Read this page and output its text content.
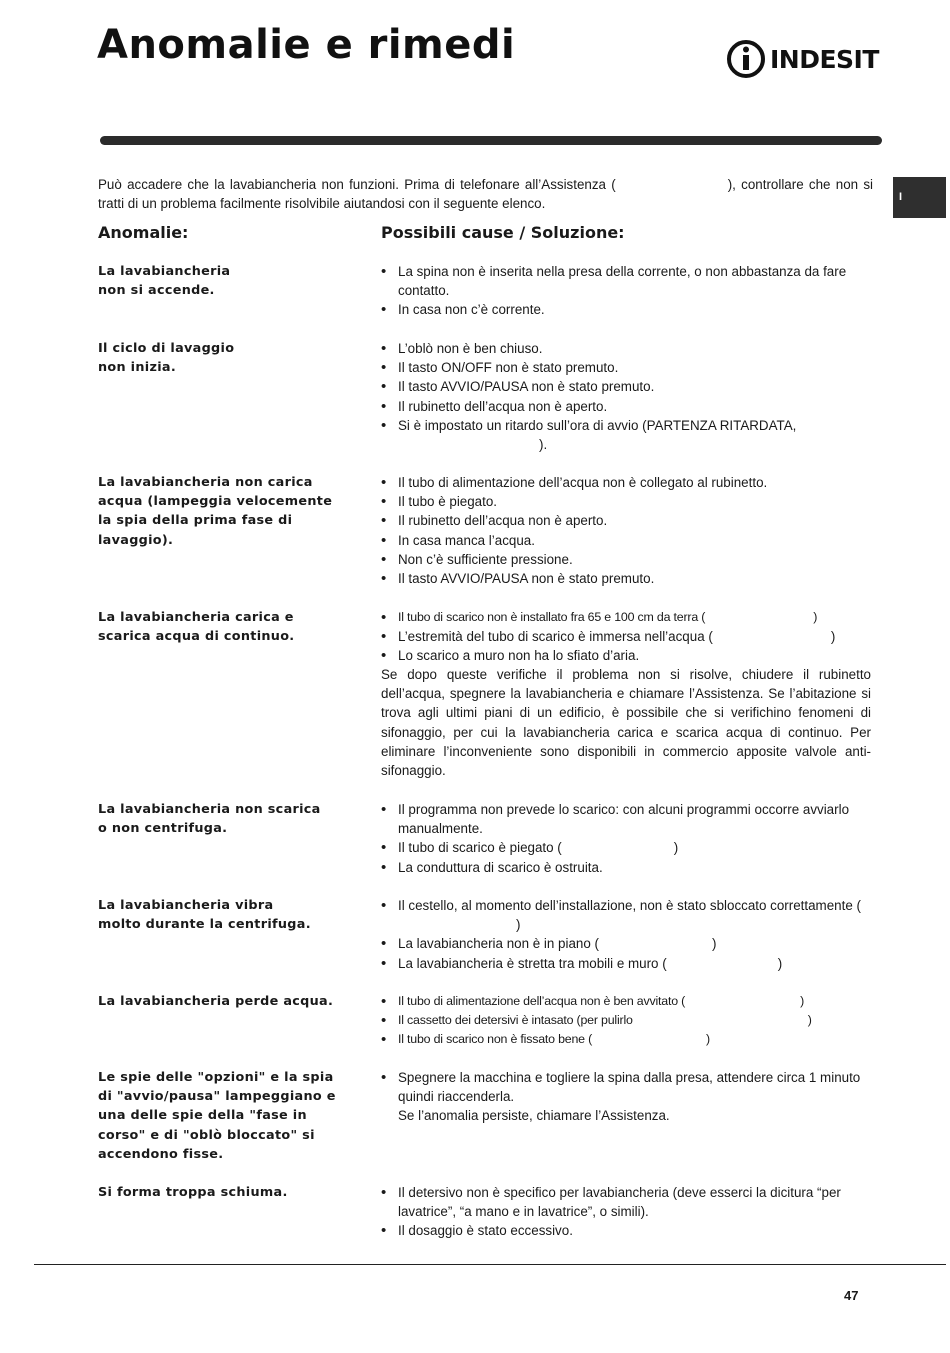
Anomalie e rimedi	INDESIT
I

Può accadere che la lavabiancheria non funzioni. Prima di telefonare all’Assistenza (	), controllare che non si tratti di un problema facilmente risolvibile aiutandosi con il seguente elenco.

Anomalie:	Possibili cause / Soluzione:

La lavabiancheria
non si accende.

• La spina non è inserita nella presa della corrente, o non abbastanza da fare contatto.
• In casa non c’è corrente.

Il ciclo di lavaggio
non inizia.

• L’oblò non è ben chiuso.
• Il tasto ON/OFF non è stato premuto.
• Il tasto AVVIO/PAUSA non è stato premuto.
• Il rubinetto dell’acqua non è aperto.
• Si è impostato un ritardo sull’ora di avvio (PARTENZA RITARDATA,
).

La lavabiancheria non carica
acqua (lampeggia velocemente
la spia della prima fase di
lavaggio).

• Il tubo di alimentazione dell’acqua non è collegato al rubinetto.
• Il tubo è piegato.
• Il rubinetto dell’acqua non è aperto.
• In casa manca l’acqua.
• Non c’è sufficiente pressione.
• Il tasto AVVIO/PAUSA non è stato premuto.

La lavabiancheria carica e
scarica acqua di continuo.

• Il tubo di scarico non è installato fra 65 e 100 cm da terra (	)
• L’estremità del tubo di scarico è immersa nell’acqua (	)
• Lo scarico a muro non ha lo sfiato d’aria.

Se dopo queste verifiche il problema non si risolve, chiudere il rubinetto dell’acqua, spegnere la lavabiancheria e chiamare l’Assistenza. Se l’abitazione si trova agli ultimi piani di un edificio, è possibile che si verifichino fenomeni di sifonaggio, per cui la lavabiancheria carica e scarica acqua di continuo. Per eliminare l’inconveniente sono disponibili in commercio apposite valvole anti-sifonaggio.

La lavabiancheria non scarica
o non centrifuga.

• Il programma non prevede lo scarico: con alcuni programmi occorre avviarlo manualmente.
• Il tubo di scarico è piegato (	)
• La conduttura di scarico è ostruita.

La lavabiancheria vibra
molto durante la centrifuga.

• Il cestello, al momento dell’installazione, non è stato sbloccato correttamente ()
• La lavabiancheria non è in piano (	)
• La lavabiancheria è stretta tra mobili e muro (	)

La lavabiancheria perde acqua.	• Il tubo di alimentazione dell’acqua non è ben avvitato (	)
• Il cassetto dei detersivi è intasato (per pulirlo	)
• Il tubo di scarico non è fissato bene (	)

Le spie delle "opzioni" e la spia
di "avvio/pausa" lampeggiano e
una delle spie della "fase in
corso" e di "oblò bloccato" si
accendono fisse.

• Spegnere la macchina e togliere la spina dalla presa, attendere circa 1 minuto quindi riaccenderla.
Se l’anomalia persiste, chiamare l’Assistenza.

Si forma troppa schiuma.	• Il detersivo non è specifico per lavabiancheria (deve esserci la dicitura “per lavatrice”, “a mano e in lavatrice”, o simili).
• Il dosaggio è stato eccessivo.
47
